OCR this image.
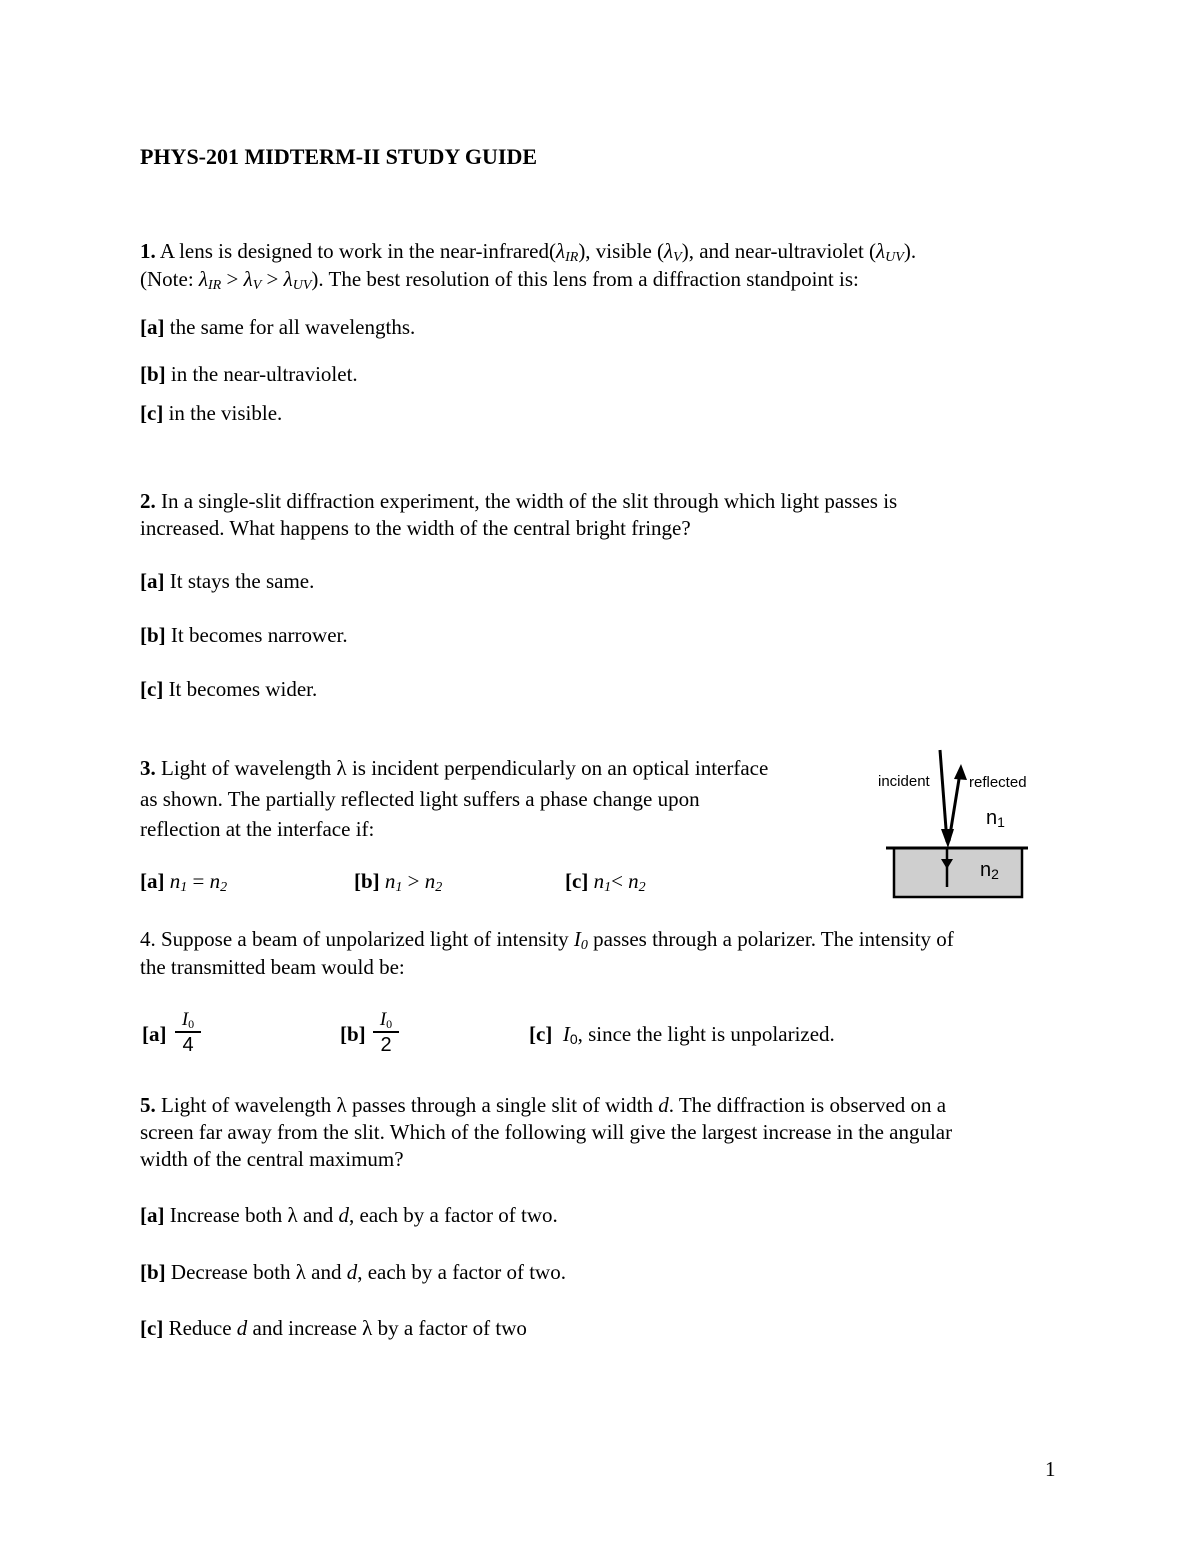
PHYS-201 MIDTERM-II STUDY GUIDE
1. A lens is designed to work in the near-$infrared(\lambda_{IR})$, visible $(\lambda_V)$, and near-ultraviolet $(\lambda_{UV})$.
(Note: $\lambda_{IR} > \lambda_V > \lambda_{UV}$). The best resolution of this lens from a diffraction standpoint is:
[a] the same for all wavelengths.
[b] in the near-ultraviolet.
[c] in the visible.
2. In a single-slit diffraction experiment, the width of the slit through which light passes is
increased. What happens to the width of the central bright fringe?
[a] It stays the same.
[b] It becomes narrower.
[c] It becomes wider.
3. Light of wavelength λ is incident perpendicularly on an optical interface
as shown. The partially reflected light suffers a phase change upon
reflection at the interface if:
[a] $n_1 = n_2$	[b] $n_1 > n_2$	[c] $n_1< n_2$
incident	reflected
$n_1$
$n_2$
4. Suppose a beam of unpolarized light of intensity $I_0$ passes through a polarizer. The intensity of
the transmitted beam would be:
[a]
$I_0$
4	[b]
$I_0$
2	[c] $I_0$, since the light is unpolarized.
5. Light of wavelength λ passes through a single slit of width d. The diffraction is observed on a
screen far away from the slit. Which of the following will give the largest increase in the angular
width of the central maximum?
[a] Increase both λ and d, each by a factor of two.
[b] Decrease both λ and d, each by a factor of two.
[c] Reduce d and increase λ by a factor of two
1
